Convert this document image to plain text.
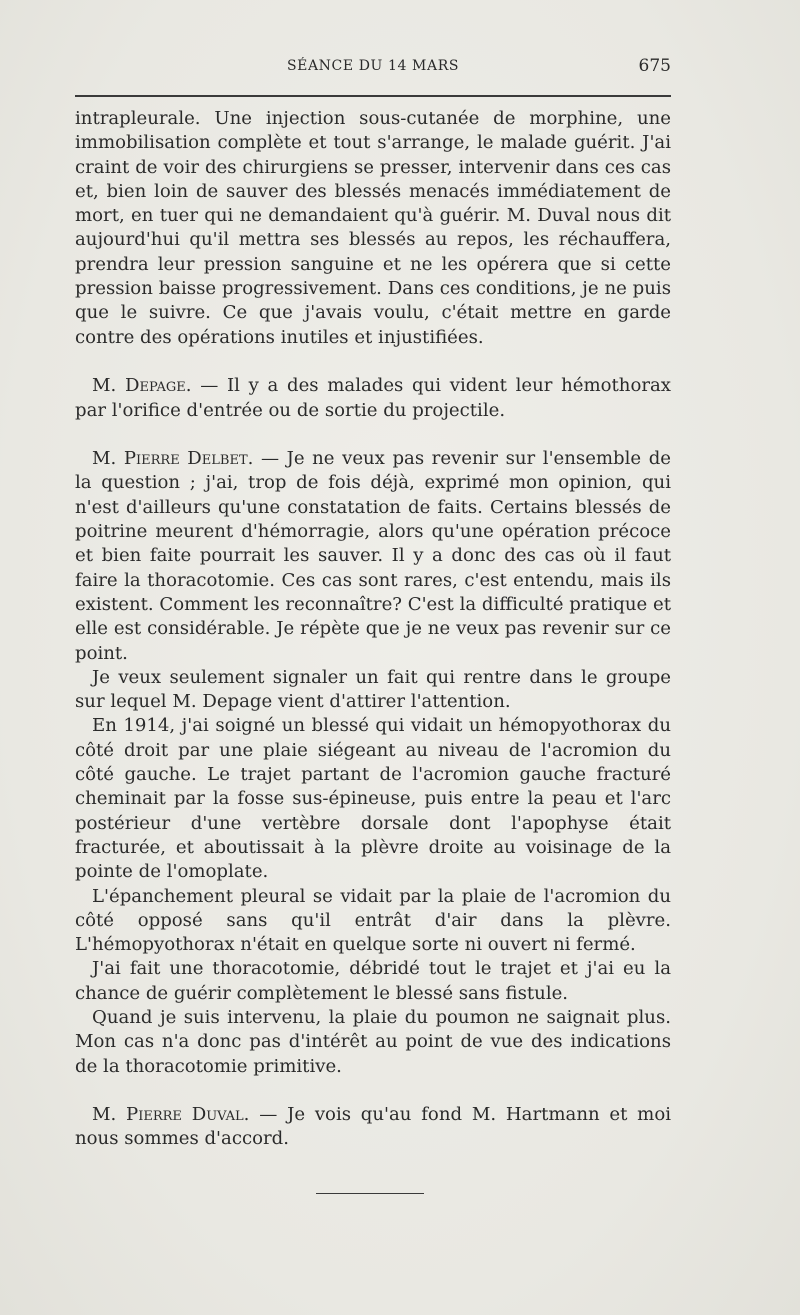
SÉANCE DU 14 MARS	675

intrapleurale. Une injection sous-cutanée de morphine, une immobilisation complète et tout s'arrange, le malade guérit. J'ai craint de voir des chirurgiens se presser, intervenir dans ces cas et, bien loin de sauver des blessés menacés immédiatement de mort, en tuer qui ne demandaient qu'à guérir. M. Duval nous dit aujourd'hui qu'il mettra ses blessés au repos, les réchauffera, prendra leur pression sanguine et ne les opérera que si cette pression baisse progressivement. Dans ces conditions, je ne puis que le suivre. Ce que j'avais voulu, c'était mettre en garde contre des opérations inutiles et injustifiées.

M. Depage. — Il y a des malades qui vident leur hémothorax par l'orifice d'entrée ou de sortie du projectile.

M. Pierre Delbet. — Je ne veux pas revenir sur l'ensemble de la question ; j'ai, trop de fois déjà, exprimé mon opinion, qui n'est d'ailleurs qu'une constatation de faits. Certains blessés de poitrine meurent d'hémorragie, alors qu'une opération précoce et bien faite pourrait les sauver. Il y a donc des cas où il faut faire la thoracotomie. Ces cas sont rares, c'est entendu, mais ils existent. Comment les reconnaître? C'est la difficulté pratique et elle est considérable. Je répète que je ne veux pas revenir sur ce point.

Je veux seulement signaler un fait qui rentre dans le groupe sur lequel M. Depage vient d'attirer l'attention.

En 1914, j'ai soigné un blessé qui vidait un hémopyothorax du côté droit par une plaie siégeant au niveau de l'acromion du côté gauche. Le trajet partant de l'acromion gauche fracturé cheminait par la fosse sus-épineuse, puis entre la peau et l'arc postérieur d'une vertèbre dorsale dont l'apophyse était fracturée, et aboutissait à la plèvre droite au voisinage de la pointe de l'omoplate.

L'épanchement pleural se vidait par la plaie de l'acromion du côté opposé sans qu'il entrât d'air dans la plèvre. L'hémopyothorax n'était en quelque sorte ni ouvert ni fermé.

J'ai fait une thoracotomie, débridé tout le trajet et j'ai eu la chance de guérir complètement le blessé sans fistule.

Quand je suis intervenu, la plaie du poumon ne saignait plus. Mon cas n'a donc pas d'intérêt au point de vue des indications de la thoracotomie primitive.

M. Pierre Duval. — Je vois qu'au fond M. Hartmann et moi nous sommes d'accord.
